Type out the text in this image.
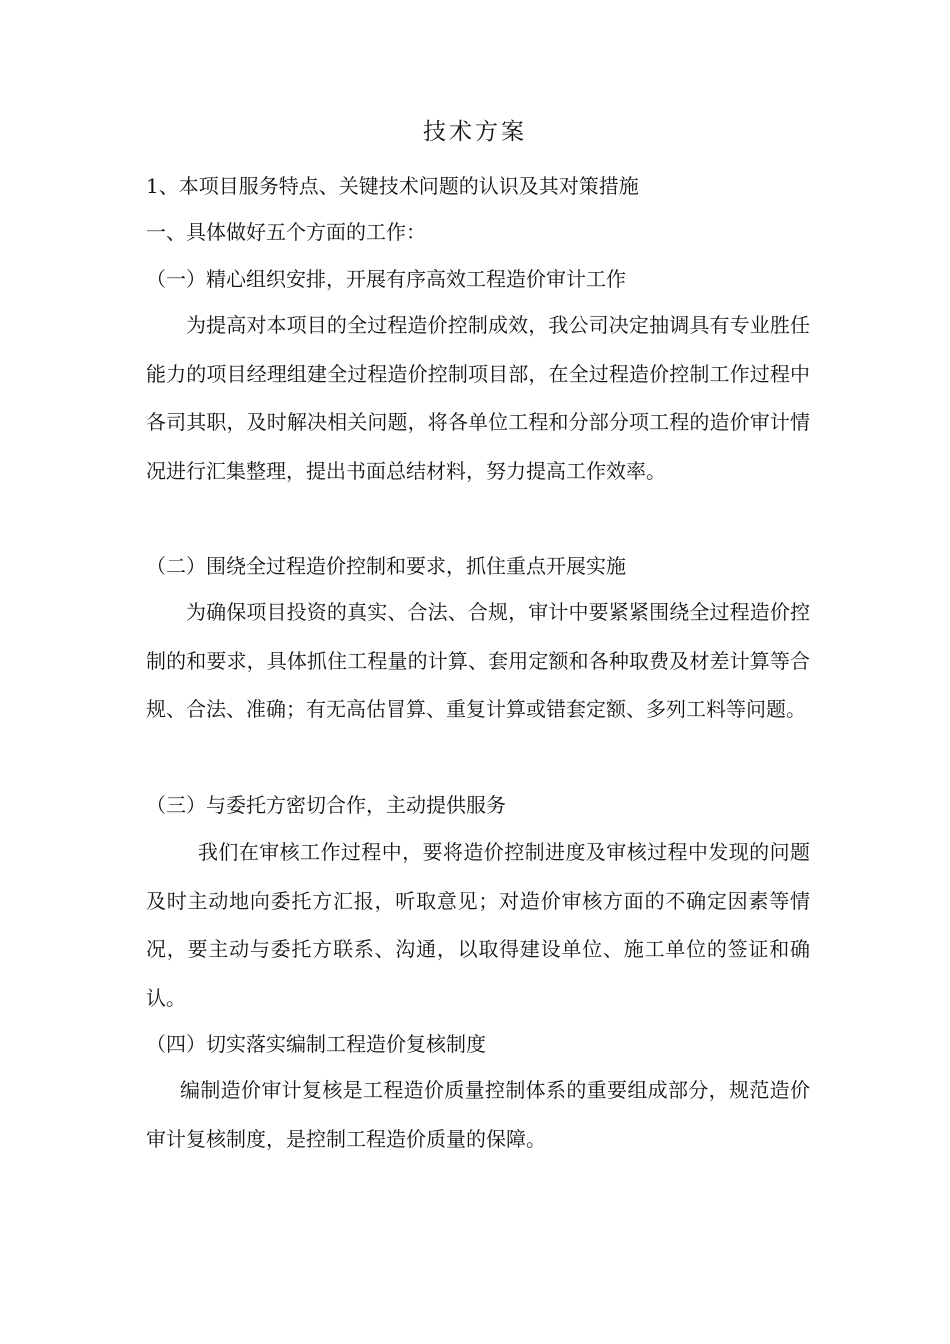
技术方案
1、本项目服务特点、关键技术问题的认识及其对策措施
一、具体做好五个方面的工作：
（一）精心组织安排，开展有序高效工程造价审计工作
为提高对本项目的全过程造价控制成效，我公司决定抽调具有专业胜任能力的项目经理组建全过程造价控制项目部，在全过程造价控制工作过程中各司其职，及时解决相关问题，将各单位工程和分部分项工程的造价审计情况进行汇集整理，提出书面总结材料，努力提高工作效率。
（二）围绕全过程造价控制和要求，抓住重点开展实施
为确保项目投资的真实、合法、合规，审计中要紧紧围绕全过程造价控制的和要求，具体抓住工程量的计算、套用定额和各种取费及材差计算等合规、合法、准确；有无高估冒算、重复计算或错套定额、多列工料等问题。
（三）与委托方密切合作，主动提供服务
我们在审核工作过程中，要将造价控制进度及审核过程中发现的问题及时主动地向委托方汇报，听取意见；对造价审核方面的不确定因素等情况，要主动与委托方联系、沟通，以取得建设单位、施工单位的签证和确认。
（四）切实落实编制工程造价复核制度
编制造价审计复核是工程造价质量控制体系的重要组成部分，规范造价审计复核制度，是控制工程造价质量的保障。
